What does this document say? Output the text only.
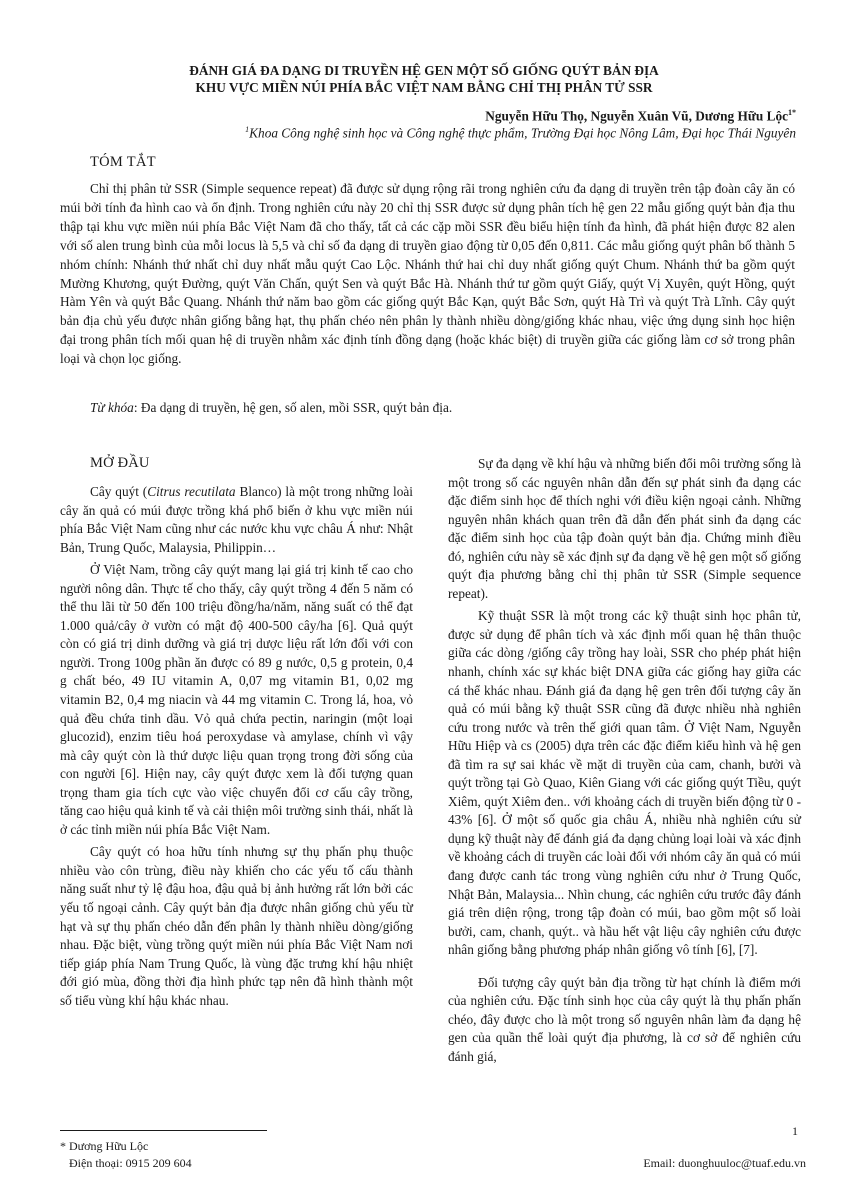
ĐÁNH GIÁ ĐA DẠNG DI TRUYỀN HỆ GEN MỘT SỐ GIỐNG QUÝT BẢN ĐỊA
KHU VỰC MIỀN NÚI PHÍA BẮC VIỆT NAM BẰNG CHỈ THỊ PHÂN TỬ SSR

Nguyễn Hữu Thọ, Nguyễn Xuân Vũ, Dương Hữu Lộc$^{1*}$

$^1$Khoa Công nghệ sinh học và Công nghệ thực phẩm, Trường Đại học Nông Lâm, Đại học Thái Nguyên

TÓM TẮT

Chỉ thị phân tử SSR (Simple sequence repeat) đã được sử dụng rộng rãi trong nghiên cứu đa dạng di truyền trên tập đoàn cây ăn có múi bởi tính đa hình cao và ổn định. Trong nghiên cứu này 20 chỉ thị SSR được sử dụng phân tích hệ gen 22 mẫu giống quýt bản địa thu thập tại khu vực miền núi phía Bắc Việt Nam đã cho thấy, tất cả các cặp mồi SSR đều biểu hiện tính đa hình, đã phát hiện được 82 alen với số alen trung bình của mỗi locus là 5,5 và chỉ số đa dạng di truyền giao động từ 0,05 đến 0,811. Các mẫu giống quýt phân bố thành 5 nhóm chính: Nhánh thứ nhất chỉ duy nhất mẫu quýt Cao Lộc. Nhánh thứ hai chỉ duy nhất giống quýt Chum. Nhánh thứ ba gồm quýt Mường Khương, quýt Đường, quýt Văn Chấn, quýt Sen và quýt Bắc Hà. Nhánh thứ tư gồm quýt Giấy, quýt Vị Xuyên, quýt Hồng, quýt Hàm Yên và quýt Bắc Quang. Nhánh thứ năm bao gồm các giống quýt Bắc Kạn, quýt Bắc Sơn, quýt Hà Trì và quýt Trà Lĩnh. Cây quýt bản địa chủ yếu được nhân giống bằng hạt, thụ phấn chéo nên phân ly thành nhiều dòng/giống khác nhau, việc ứng dụng sinh học hiện đại trong phân tích mối quan hệ di truyền nhằm xác định tính đồng dạng (hoặc khác biệt) di truyền giữa các giống làm cơ sở trong phân loại và chọn lọc giống.

Từ khóa: Đa dạng di truyền, hệ gen, số alen, mồi SSR, quýt bản địa.

MỞ ĐẦU

Cây quýt (Citrus recutilata Blanco) là một trong những loài cây ăn quả có múi được trồng khá phổ biến ở khu vực miền núi phía Bắc Việt Nam cũng như các nước khu vực châu Á như: Nhật Bản, Trung Quốc, Malaysia, Philippin…

Ở Việt Nam, trồng cây quýt mang lại giá trị kinh tế cao cho người nông dân. Thực tế cho thấy, cây quýt trồng 4 đến 5 năm có thể thu lãi từ 50 đến 100 triệu đồng/ha/năm, năng suất có thể đạt 1.000 quả/cây ở vườn có mật độ 400-500 cây/ha [6]. Quả quýt còn có giá trị dinh dưỡng và giá trị dược liệu rất lớn đối với con người. Trong 100g phần ăn được có 89 g nước, 0,5 g protein, 0,4 g chất béo, 49 IU vitamin A, 0,07 mg vitamin B1, 0,02 mg vitamin B2, 0,4 mg niacin và 44 mg vitamin C. Trong lá, hoa, vỏ quả đều chứa tinh dầu. Vỏ quả chứa pectin, naringin (một loại glucozid), enzim tiêu hoá peroxydase và amylase, chính vì vậy mà cây quýt còn là thứ dược liệu quan trọng trong đời sống của con người [6]. Hiện nay, cây quýt được xem là đối tượng quan trọng tham gia tích cực vào việc chuyển đổi cơ cấu cây trồng, tăng cao hiệu quả kinh tế và cải thiện môi trường sinh thái, nhất là ở các tỉnh miền núi phía Bắc Việt Nam.

Cây quýt có hoa hữu tính nhưng sự thụ phấn phụ thuộc nhiều vào côn trùng, điều này khiến cho các yếu tố cấu thành năng suất như tỷ lệ đậu hoa, đậu quả bị ảnh hưởng rất lớn bởi các yếu tố ngoại cảnh. Cây quýt bản địa được nhân giống chủ yếu từ hạt và sự thụ phấn chéo dẫn đến phân ly thành nhiều dòng/giống nhau. Đặc biệt, vùng trồng quýt miền núi phía Bắc Việt Nam nơi tiếp giáp phía Nam Trung Quốc, là vùng đặc trưng khí hậu nhiệt đới gió mùa, đồng thời địa hình phức tạp nên đã hình thành một số tiểu vùng khí hậu khác nhau.

Sự đa dạng về khí hậu và những biến đổi môi trường sống là một trong số các nguyên nhân dẫn đến sự phát sinh đa dạng các đặc điểm sinh học để thích nghi với điều kiện ngoại cảnh. Những nguyên nhân khách quan trên đã dẫn đến phát sinh đa dạng các đặc điểm sinh học của tập đoàn quýt bản địa. Chứng minh điều đó, nghiên cứu này sẽ xác định sự đa dạng về hệ gen một số giống quýt địa phương bằng chỉ thị phân tử SSR (Simple sequence repeat).

Kỹ thuật SSR là một trong các kỹ thuật sinh học phân tử, được sử dụng để phân tích và xác định mối quan hệ thân thuộc giữa các dòng /giống cây trồng hay loài, SSR cho phép phát hiện nhanh, chính xác sự khác biệt DNA giữa các giống hay giữa các cá thể khác nhau. Đánh giá đa dạng hệ gen trên đối tượng cây ăn quả có múi bằng kỹ thuật SSR cũng đã được nhiều nhà nghiên cứu trong nước và trên thế giới quan tâm. Ở Việt Nam, Nguyễn Hữu Hiệp và cs (2005) dựa trên các đặc điểm kiểu hình và hệ gen đã tìm ra sự sai khác về mặt di truyền của cam, chanh, bưởi và quýt trồng tại Gò Quao, Kiên Giang với các giống quýt Tiều, quýt Xiêm, quýt Xiêm đen.. với khoảng cách di truyền biến động từ 0 - 43% [6]. Ở một số quốc gia châu Á, nhiều nhà nghiên cứu sử dụng kỹ thuật này để đánh giá đa dạng chủng loại loài và xác định về khoảng cách di truyền các loài đối với nhóm cây ăn quả có múi đang được canh tác trong vùng nghiên cứu như ở Trung Quốc, Nhật Bản, Malaysia... Nhìn chung, các nghiên cứu trước đây đánh giá trên diện rộng, trong tập đoàn có múi, bao gồm một số loài bưởi, cam, chanh, quýt.. và hầu hết vật liệu cây nghiên cứu được nhân giống bằng phương pháp nhân giống vô tính [6], [7].

Đối tượng cây quýt bản địa trồng từ hạt chính là điểm mới của nghiên cứu. Đặc tính sinh học của cây quýt là thụ phấn phấn chéo, đây được cho là một trong số nguyên nhân làm đa dạng hệ gen của quần thể loài quýt địa phương, là cơ sở để nghiên cứu đánh giá,

1

* Dương Hữu Lộc

Điện thoại: 0915 209 604	Email: duonghuuloc@tuaf.edu.vn
